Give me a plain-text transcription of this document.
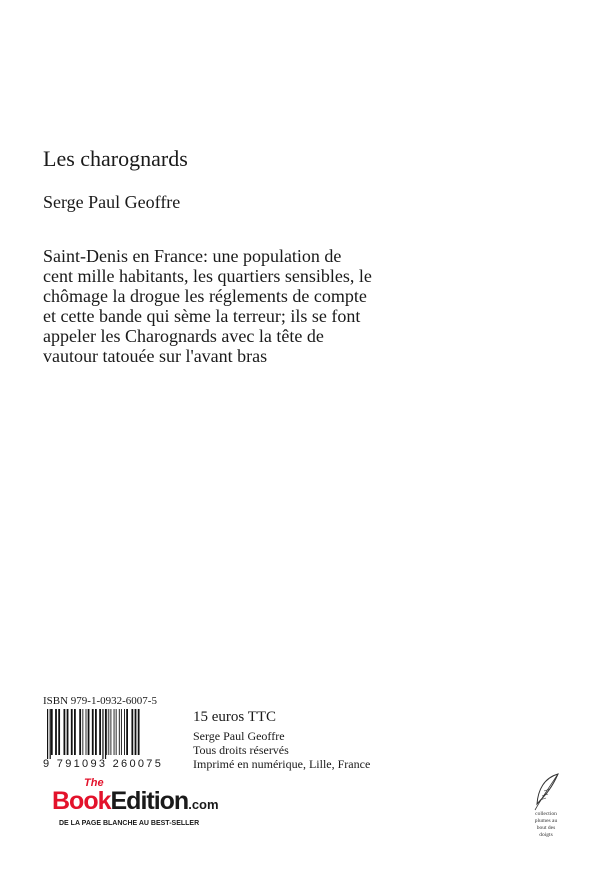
Les charognards
Serge Paul Geoffre
Saint-Denis en France: une population de
cent mille habitants, les quartiers sensibles, le
chômage la drogue les réglements de compte
et cette bande qui sème la terreur; ils se font
appeler les Charognards avec la tête de
vautour tatouée sur l'avant bras
ISBN 979-1-0932-6007-5
9 791093 260075
15 euros TTC
Serge Paul Geoffre
Tous droits réservés
Imprimé en numérique, Lille, France
The
BookEdition.com
DE LA PAGE BLANCHE AU BEST-SELLER
collection
plumes au
bout des
doigts
